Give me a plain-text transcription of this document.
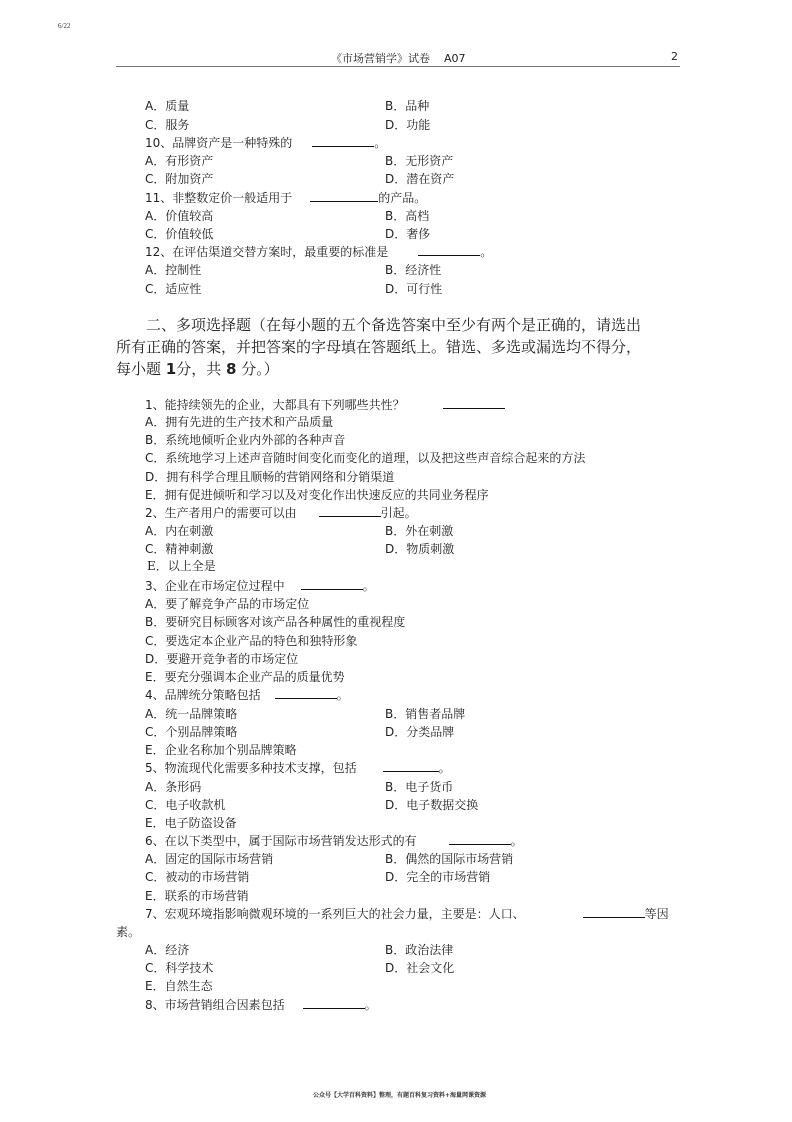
6/22
《市场营销学》试卷    A07	2
A．质量	B．品种
C．服务	D．功能
10、品牌资产是一种特殊的	。
A．有形资产	B．无形资产
C．附加资产	D．潜在资产
11、非整数定价一般适用于	的产品。
A．价值较高	B．高档
C．价值较低	D．奢侈
12、在评估渠道交替方案时，最重要的标准是	。
A．控制性	B．经济性
C．适应性	D．可行性
二、多项选择题（在每小题的五个备选答案中至少有两个是正确的，请选出
所有正确的答案，并把答案的字母填在答题纸上。错选、多选或漏选均不得分，
每小题 1分，共 8 分。）
1、能持续领先的企业，大都具有下列哪些共性？
A．拥有先进的生产技术和产品质量
B．系统地倾听企业内外部的各种声音
C．系统地学习上述声音随时间变化而变化的道理，以及把这些声音综合起来的方法
D．拥有科学合理且顺畅的营销网络和分销渠道
E．拥有促进倾听和学习以及对变化作出快速反应的共同业务程序
2、生产者用户的需要可以由	引起。
A．内在刺激	B．外在刺激
C．精神刺激	D．物质刺激
E．以上全是
3、企业在市场定位过程中	。
A．要了解竞争产品的市场定位
B．要研究目标顾客对该产品各种属性的重视程度
C．要选定本企业产品的特色和独特形象
D．要避开竞争者的市场定位
E．要充分强调本企业产品的质量优势
4、品牌统分策略包括	。
A．统一品牌策略	B．销售者品牌
C．个别品牌策略	D．分类品牌
E．企业名称加个别品牌策略
5、物流现代化需要多种技术支撑，包括	。
A．条形码	B．电子货币
C．电子收款机	D．电子数据交换
E．电子防盗设备
6、在以下类型中，属于国际市场营销发达形式的有	。
A．固定的国际市场营销	B．偶然的国际市场营销
C．被动的市场营销	D．完全的市场营销
E．联系的市场营销
7、宏观环境指影响微观环境的一系列巨大的社会力量，主要是：人口、	等因
素。
A．经济	B．政治法律
C．科学技术	D．社会文化
E．自然生态
8、市场营销组合因素包括	。
公众号【大学百科资料】整理，有题百科复习资料+海量网课资源
